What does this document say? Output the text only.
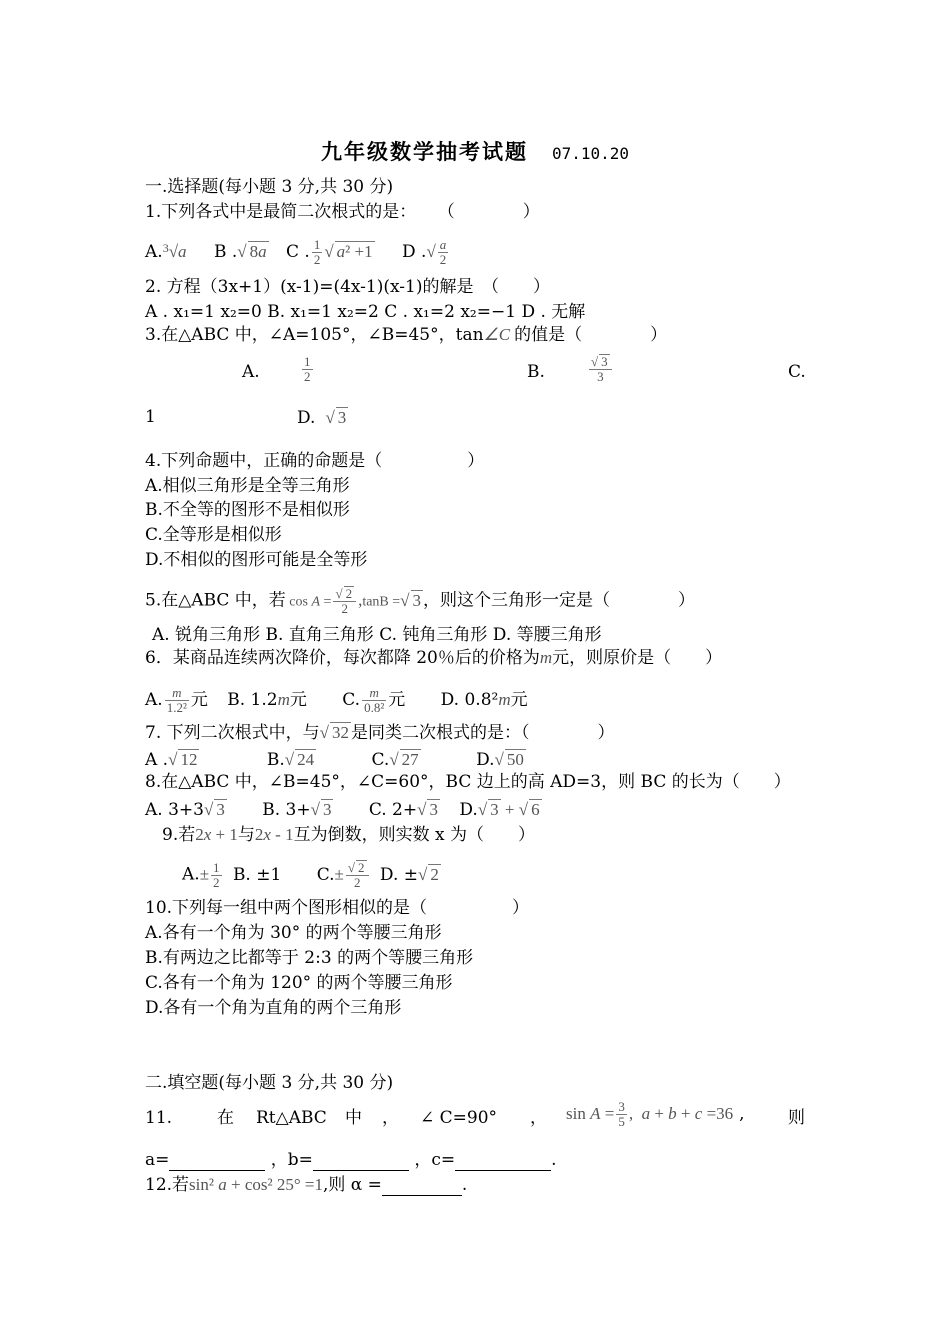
九年级数学抽考试题 07.10.20
一.选择题(每小题 3 分,共 30 分)
1.下列各式中是最简二次根式的是： （　　　　）
A.$^3$√a B .√ 8a C . $\frac{1}{2}$ √ a² +1 D .√ $\frac{a}{2}$
2. 方程（3x+1）(x-1)=(4x-1)(x-1)的解是　（　　）
A . x₁=1 x₂=0 B. x₁=1 x₂=2 C . x₁=2 x₂=−1 D . 无解
3.在△ABC 中，∠A=105°，∠B=45°，tan∠C 的值是（　　　　）
A.	$\frac{1}{2}$	B.	$\frac{√ 3}{3}$	C.
1	D. √ 3
4.下列命题中，正确的命题是（　　　　　）
A.相似三角形是全等三角形
B.不全等的图形不是相似形
C.全等形是相似形
D.不相似的图形可能是全等形
5.在△ABC 中，若 $\cos A = \frac{√ 2}{2} ,\tan B$ =√ 3 ，则这个三角形一定是（　　　　）
A. 锐角三角形 B. 直角三角形 C. 钝角三角形 D. 等腰三角形
6．某商品连续两次降价，每次都降 20％后的价格为m元，则原价是（　　）
A. $\frac{m}{\text{1.2²}}$ 元 B. 1.2m元 C. $\frac{m}{\text{0.8²}}$ 元 D. 0.8²m元
7. 下列二次根式中，与√ 32 是同类二次根式的是：（　　　　）
A .√ 12	B.√ 24	C.√ 27	D.√ 50
8.在△ABC 中，∠B=45°，∠C=60°，BC 边上的高 AD=3，则 BC 的长为（　　）
A. 3+3√ 3 B. 3+√ 3 C. 2+√ 3 D.√ 3 + √ 6
9.若2x + 1与2x - 1互为倒数，则实数 x 为（　　）
$A.\pm \frac{1}{2} B$. ±1 $C.\pm \frac{√ 2}{2} D$. ±√ 2
10.下列每一组中两个图形相似的是（　　　　　）
A.各有一个角为 30° 的两个等腰三角形
B.有两边之比都等于 2:3 的两个等腰三角形
C.各有一个角为 120° 的两个等腰三角形
D.各有一个角为直角的两个三角形
二.填空题(每小题 3 分,共 30 分)
11.	在 Rt△ABC 中 ， ∠ C=90° ， $\sin A = \frac{3}{5}$ ,  a + b + c =36 ,	则
a=	，b=	，c=	.
12.若sin² a + cos² 25° =1,则 α =	.
